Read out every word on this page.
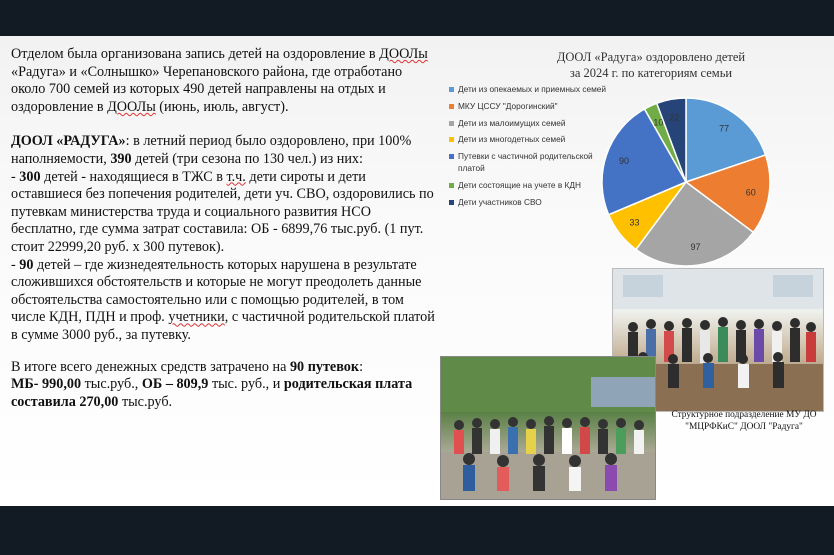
Отделом была организована запись детей на оздоровление в ДООЛы «Радуга» и «Солнышко» Черепановского района, где отработано около 700 семей из которых 490 детей направлены на отдых и оздоровление в ДООЛы (июнь, июль, август).

ДООЛ «РАДУГА»: в летний период было оздоровлено, при 100% наполняемости, 390 детей (три сезона по 130 чел.) из них:

- 300 детей - находящиеся в ТЖС в т.ч. дети сироты и дети оставшиеся без попечения родителей, дети уч. СВО, оздоровились по путевкам министерства труда и социального развития НСО бесплатно, где сумма затрат составила: ОБ - 6899,76 тыс.руб. (1 пут. стоит 22999,20 руб. х 300 путевок).

- 90 детей – где жизнедеятельность которых нарушена в результате сложившихся обстоятельств и которые не могут преодолеть данные обстоятельства самостоятельно или с помощью родителей, в том числе КДН, ПДН и проф. учетники, с частичной родительской платой в сумме 3000 руб., за путевку.

В итоге всего денежных средств затрачено на 90 путевок:
МБ- 990,00 тыс.руб., ОБ – 809,9 тыс. руб., и родительская плата составила 270,00 тыс.руб.

ДООЛ «Радуга» оздоровлено детей
за 2024 г. по категориям семьи
Дети из опекаемых и приемных семей
МКУ ЦССУ "Дорогинский"
Дети из малоимущих семей
Дети из многодетных семей
Путевки с частичной родительской платой
Дети состоящие на учете в КДН
Дети участников СВО
77
60
97
33
90
10
22
Структурное подразделение МУ ДО
"МЦРФКиС" ДООЛ "Радуга"
